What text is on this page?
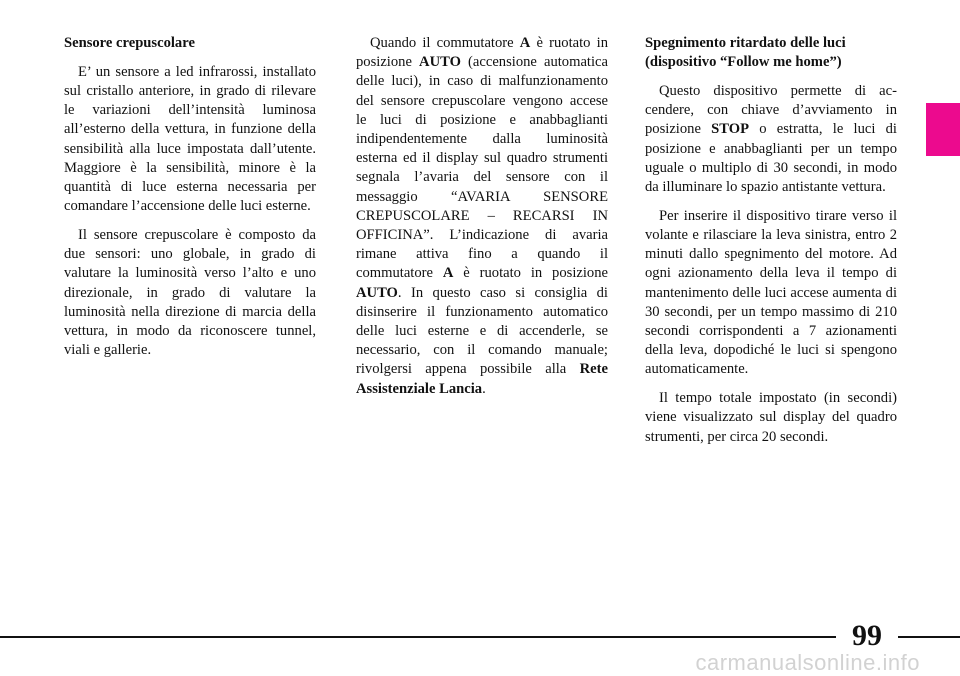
Sensore crepuscolare

E’ un sensore a led infrarossi, installato sul cristallo anteriore, in grado di rilevare le variazioni dell’intensità luminosa all’esterno della vettura, in funzione della sensibilità alla luce impostata dall’utente. Maggiore è la sensibilità, minore è la quantità di luce esterna necessaria per comandare l’accensione delle luci esterne.

Il sensore crepuscolare è composto da due sensori: uno globale, in grado di valutare la luminosità verso l’alto e uno direzionale, in grado di valutare la luminosità nella direzione di marcia della vettura, in modo da riconoscere tunnel, viali e gallerie.

Quando il commutatore A è ruotato in posizione AUTO (accensione automatica delle luci), in caso di malfunzionamento del sensore crepuscolare vengono accese le luci di posizione e anabbaglianti indipendentemente dalla luminosità esterna ed il display sul quadro strumenti segnala l’avaria del sensore con il messaggio “AVARIA SENSORE CREPUSCOLARE – RECARSI IN OFFICINA”. L’indicazione di avaria rimane attiva fino a quando il commutatore A è ruotato in posizione AUTO. In questo caso si consiglia di disinserire il funzionamento automatico delle luci esterne e di accenderle, se necessario, con il comando manuale; rivolgersi appena possibile alla Rete Assistenziale Lancia.

Spegnimento ritardato delle luci (dispositivo “Follow me home”)

Questo dispositivo permette di accendere, con chiave d’avviamento in posizione STOP o estratta, le luci di posizione e anabbaglianti per un tempo uguale o multiplo di 30 secondi, in modo da illuminare lo spazio antistante vettura.

Per inserire il dispositivo tirare verso il volante e rilasciare la leva sinistra, entro 2 minuti dallo spegnimento del motore. Ad ogni azionamento della leva il tempo di mantenimento delle luci accese aumenta di 30 secondi, per un tempo massimo di 210 secondi corrispondenti a 7 azionamenti della leva, dopodiché le luci si spengono automaticamente.

Il tempo totale impostato (in secondi) viene visualizzato sul display del quadro strumenti, per circa 20 secondi.

99
carmanualsonline.info
